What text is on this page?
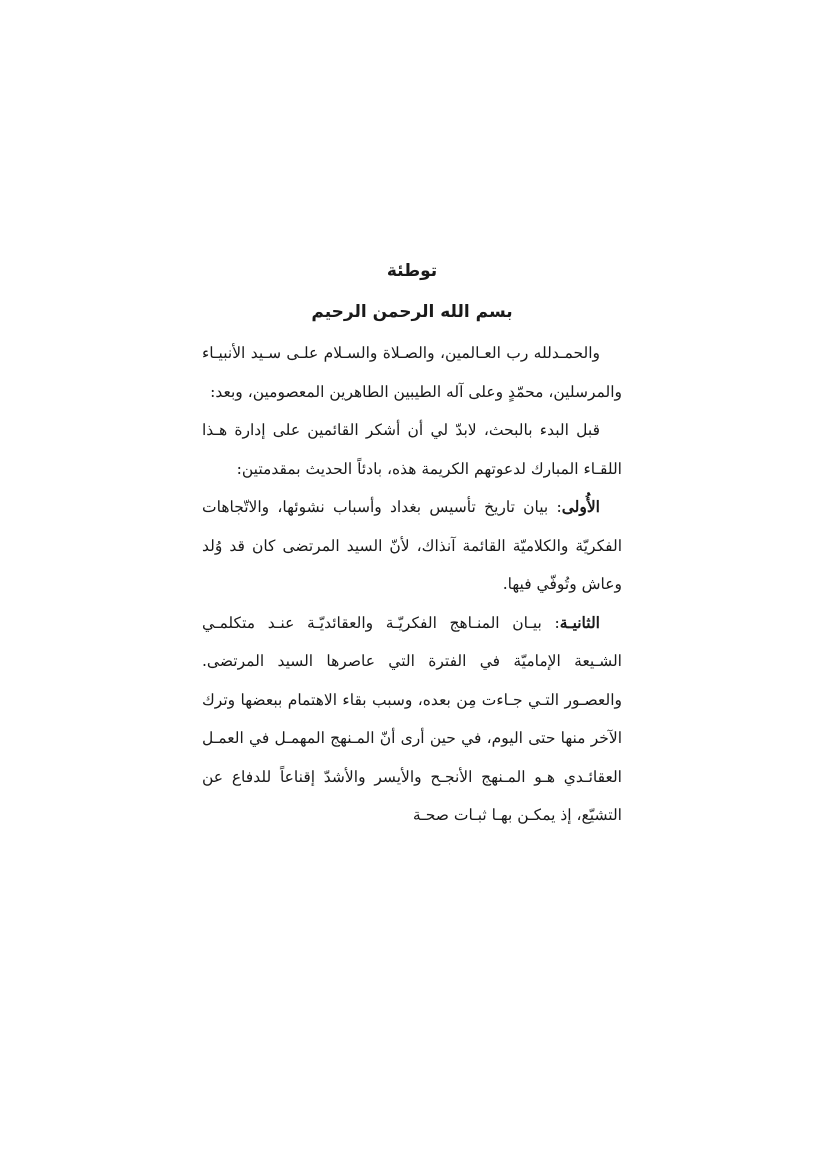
توطئة
بسم الله الرحمن الرحيم

والحمـدلله رب العـالمين، والصـلاة والسـلام علـى سـيد الأنبيـاء والمرسلين، محمّدٍ وعلى آله الطيبين الطاهرين المعصومين، وبعد:

قبل البدء بالبحث، لابدّ لي أن أشكر القائمين على إدارة هـذا اللقـاء المبارك لدعوتهم الكريمة هذه، بادئاً الحديث بمقدمتين:

الأُولى: بيان تاريخ تأسيس بغداد وأسباب نشوئها، والاتّجاهات الفكريّة والكلاميّة القائمة آنذاك، لأنّ السيد المرتضى كان قد وُلد وعاش وتُوفّي فيها.

الثانيـة: بيـان المنـاهج الفكريّـة والعقائديّـة عنـد متكلمـي الشـيعة الإماميّة في الفترة التي عاصرها السيد المرتضى. والعصـور التـي جـاءت مِن بعده، وسبب بقاء الاهتمام ببعضها وترك الآخر منها حتى اليوم، في حين أرى أنّ المـنهج المهمـل في العمـل العقائـدي هـو المـنهج الأنجـح والأيسر والأشدّ إقناعاً للدفاع عن التشيّع، إذ يمكـن بهـا ثبـات صحـة
